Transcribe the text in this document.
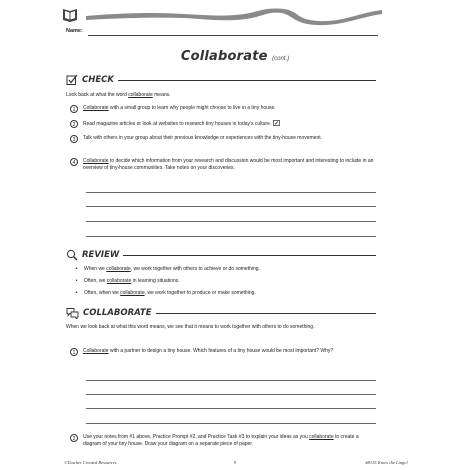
Name:
Collaborate (cont.)
CHECK
Look back at what the word collaborate means.
1	Collaborate with a small group to learn why people might choose to live in a tiny house.
2	Read magazine articles or look at websites to research tiny houses in today's culture.
3	Talk with others in your group about their previous knowledge or experiences with the tiny-house movement.
4	Collaborate to decide which information from your research and discussion would be most important and interesting to include in an overview of tiny-house communities. Take notes on your discoveries.
REVIEW
•	When we collaborate, we work together with others to achieve or do something.
•	Often, we collaborate in learning situations.
•	Often, when we collaborate, we work together to produce or make something.
COLLABORATE
When we look back at what this word means, we see that it means to work together with others to do something.
1	Collaborate with a partner to design a tiny house. Which features of a tiny house would be most important? Why?
2	Use your notes from #1 above, Practice Prompt #2, and Practice Task #3 to explain your ideas as you collaborate to create a diagram of your tiny house. Draw your diagram on a separate piece of paper.
©Teacher Created Resources	9	#8135 Know the Lingo!
